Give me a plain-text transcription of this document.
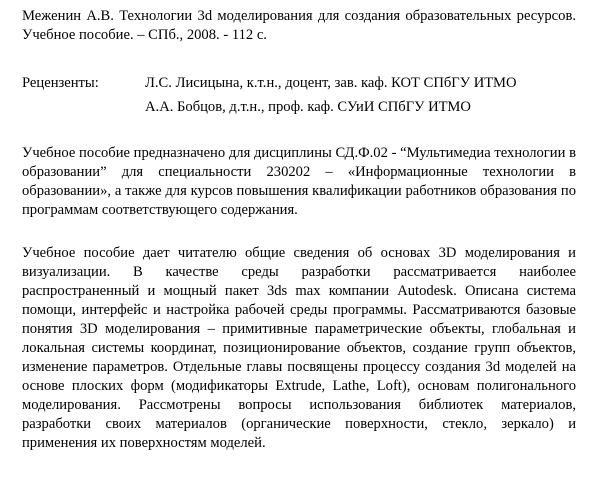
Меженин А.В. Технологии 3d моделирования для создания образовательных ресурсов. Учебное пособие. – СПб., 2008. - 112 с.

Рецензенты:	Л.С. Лисицына, к.т.н., доцент, зав. каф. КОТ СПбГУ ИТМО
А.А. Бобцов, д.т.н., проф. каф. СУиИ СПбГУ ИТМО

Учебное пособие предназначено для дисциплины СД.Ф.02 - “Мультимедиа технологии в образовании” для специальности 230202 – «Информационные технологии в образовании», а также для курсов повышения квалификации работников образования по программам соответствующего содержания.

Учебное пособие дает читателю общие сведения об основах 3D моделирования и визуализации. В качестве среды разработки рассматривается наиболее распространенный и мощный пакет 3ds max компании Autodesk. Описана система помощи, интерфейс и настройка рабочей среды программы. Рассматриваются базовые понятия 3D моделирования – примитивные параметрические объекты, глобальная и локальная системы координат, позиционирование объектов, создание групп объектов, изменение параметров. Отдельные главы посвящены процессу создания 3d моделей на основе плоских форм (модификаторы Extrude, Lathe, Loft), основам полигонального моделирования. Рассмотрены вопросы использования библиотек материалов, разработки своих материалов (органические поверхности, стекло, зеркало) и применения их поверхностям моделей.
